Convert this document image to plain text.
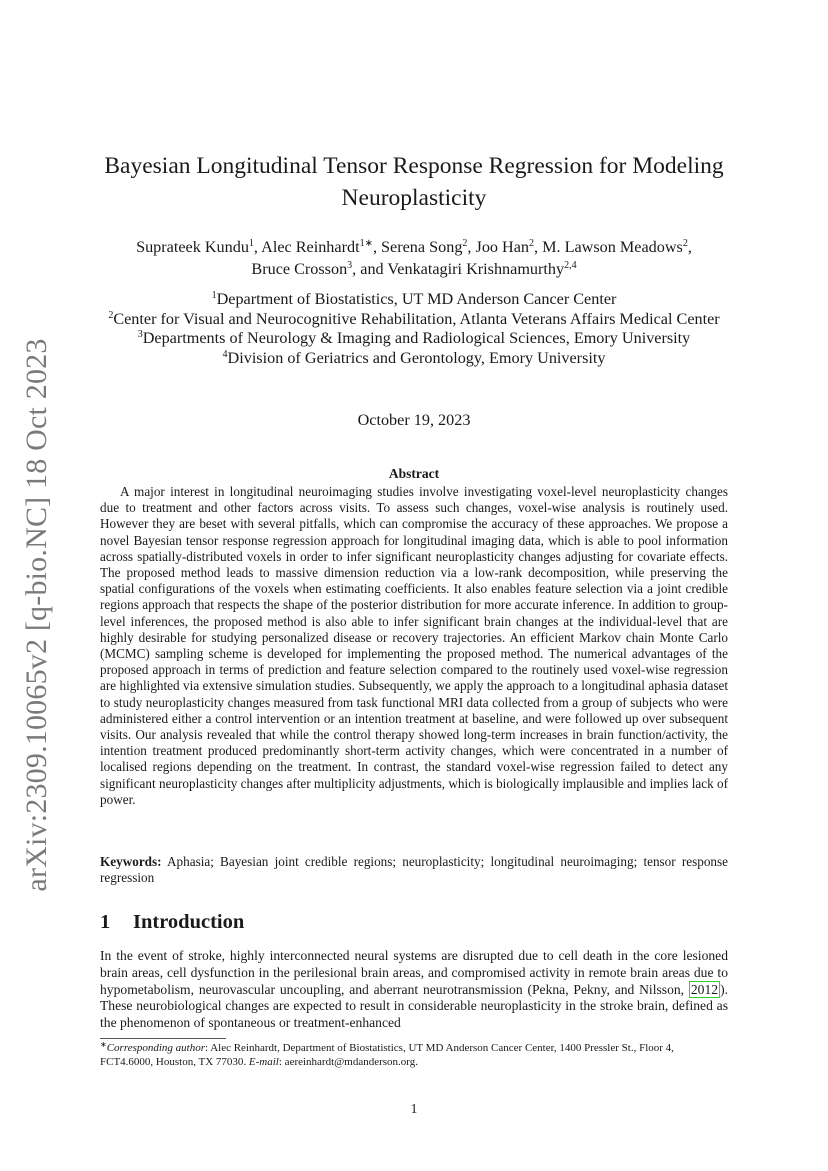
arXiv:2309.10065v2 [q-bio.NC] 18 Oct 2023
Bayesian Longitudinal Tensor Response Regression for Modeling
Neuroplasticity
Suprateek Kundu$^1$, Alec Reinhardt$^{1∗}$, Serena Song$^2$, Joo Han$^2$, M. Lawson Meadows$^2$,
Bruce Crosson$^3$, and Venkatagiri Krishnamurthy$^{2,4}$
$^1$Department of Biostatistics, UT MD Anderson Cancer Center
$^2$Center for Visual and Neurocognitive Rehabilitation, Atlanta Veterans Affairs Medical Center
$^3$Departments of Neurology & Imaging and Radiological Sciences, Emory University
$^4$Division of Geriatrics and Gerontology, Emory University
October 19, 2023
Abstract

A major interest in longitudinal neuroimaging studies involve investigating voxel-level neuroplasticity changes due to treatment and other factors across visits. To assess such changes, voxel-wise analysis is routinely used. However they are beset with several pitfalls, which can compromise the accuracy of these approaches. We propose a novel Bayesian tensor response regression approach for longitudinal imaging data, which is able to pool information across spatially-distributed voxels in order to infer significant neuroplasticity changes adjusting for covariate effects. The proposed method leads to massive dimension reduction via a low-rank decomposition, while preserving the spatial configurations of the voxels when estimating coefficients. It also enables feature selection via a joint credible regions approach that respects the shape of the posterior distribution for more accurate inference. In addition to group-level inferences, the proposed method is also able to infer significant brain changes at the individual-level that are highly desirable for studying personalized disease or recovery trajectories. An efficient Markov chain Monte Carlo (MCMC) sampling scheme is developed for implementing the proposed method. The numerical advantages of the proposed approach in terms of prediction and feature selection compared to the routinely used voxel-wise regression are highlighted via extensive simulation studies. Subsequently, we apply the approach to a longitudinal aphasia dataset to study neuroplasticity changes measured from task functional MRI data collected from a group of subjects who were administered either a control intervention or an intention treatment at baseline, and were followed up over subsequent visits. Our analysis revealed that while the control therapy showed long-term increases in brain function/activity, the intention treatment produced predominantly short-term activity changes, which were concentrated in a number of localised regions depending on the treatment. In contrast, the standard voxel-wise regression failed to detect any significant neuroplasticity changes after multiplicity adjustments, which is biologically implausible and implies lack of power.

Keywords: Aphasia; Bayesian joint credible regions; neuroplasticity; longitudinal neuroimaging; tensor response regression
1 Introduction

In the event of stroke, highly interconnected neural systems are disrupted due to cell death in the core lesioned brain areas, cell dysfunction in the perilesional brain areas, and compromised activity in remote brain areas due to hypometabolism, neurovascular uncoupling, and aberrant neurotransmission (Pekna, Pekny, and Nilsson, 2012 ). These neurobiological changes are expected to result in considerable neuroplasticity in the stroke brain, defined as the phenomenon of spontaneous or treatment-enhanced

∗Corresponding author: Alec Reinhardt, Department of Biostatistics, UT MD Anderson Cancer Center, 1400 Pressler St., Floor 4, FCT4.6000, Houston, TX 77030. E-mail: aereinhardt@mdanderson.org.
1
